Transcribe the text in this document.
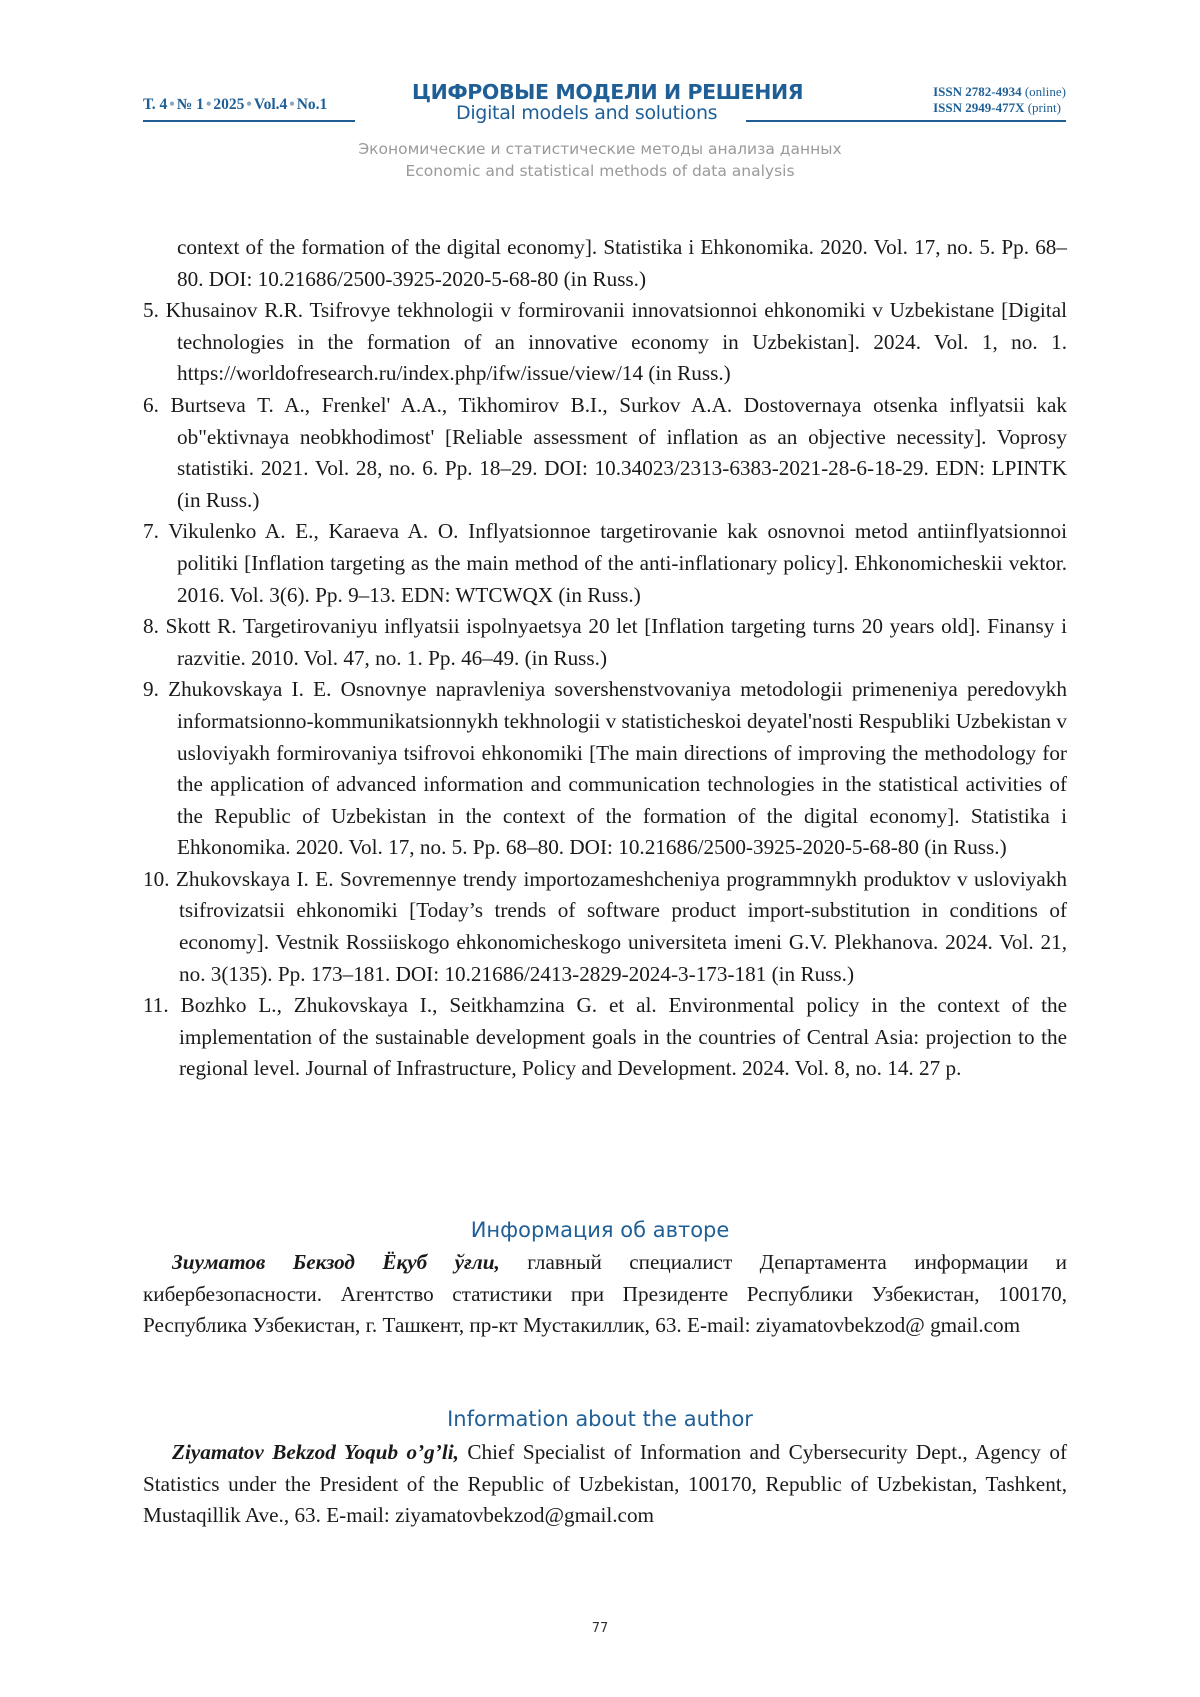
Т. 4 • № 1 • 2025 • Vol.4 • No.1
ЦИФРОВЫЕ МОДЕЛИ И РЕШЕНИЯ
Digital models and solutions
ISSN 2782-4934 (online)
ISSN 2949-477X (print)
Экономические и статистические методы анализа данных
Economic and statistical methods of data analysis

context of the formation of the digital economy]. Statistika i Ehkonomika. 2020. Vol. 17, no. 5. Pp. 68–80. DOI: 10.21686/2500-3925-2020-5-68-80 (in Russ.)

5. Khusainov R.R. Tsifrovye tekhnologii v formirovanii innovatsionnoi ehkonomiki v Uzbekistane [Digital technologies in the formation of an innovative economy in Uzbekistan]. 2024. Vol. 1, no. 1. https://worldofresearch.ru/index.php/ifw/issue/view/14 (in Russ.)

6. Burtseva T. A., Frenkel' A.A., Tikhomirov B.I., Surkov A.A. Dostovernaya otsenka inflyatsii kak ob"ektivnaya neobkhodimost' [Reliable assessment of inflation as an objective necessity]. Voprosy statistiki. 2021. Vol. 28, no. 6. Pp. 18–29. DOI: 10.34023/2313-6383-2021-28-6-18-29. EDN: LPINTK (in Russ.)

7. Vikulenko A. E., Karaeva A. O. Inflyatsionnoe targetirovanie kak osnovnoi metod antiinflyatsionnoi politiki [Inflation targeting as the main method of the anti-inflationary policy]. Ehkonomicheskii vektor. 2016. Vol. 3(6). Pp. 9–13. EDN: WTCWQX (in Russ.)

8. Skott R. Targetirovaniyu inflyatsii ispolnyaetsya 20 let [Inflation targeting turns 20 years old]. Finansy i razvitie. 2010. Vol. 47, no. 1. Pp. 46–49. (in Russ.)

9. Zhukovskaya I. E. Osnovnye napravleniya sovershenstvovaniya metodologii primeneniya peredovykh informatsionno-kommunikatsionnykh tekhnologii v statisticheskoi deyatel'nosti Respubliki Uzbekistan v usloviyakh formirovaniya tsifrovoi ehkonomiki [The main directions of improving the methodology for the application of advanced information and communication technologies in the statistical activities of the Republic of Uzbekistan in the context of the formation of the digital economy]. Statistika i Ehkonomika. 2020. Vol. 17, no. 5. Pp. 68–80. DOI: 10.21686/2500-3925-2020-5-68-80 (in Russ.)

10. Zhukovskaya I. E. Sovremennye trendy importozameshcheniya programmnykh produktov v usloviyakh tsifrovizatsii ehkonomiki [Today’s trends of software product import-substitution in conditions of economy]. Vestnik Rossiiskogo ehkonomicheskogo universiteta imeni G.V. Plekhanova. 2024. Vol. 21, no. 3(135). Pp. 173–181. DOI: 10.21686/2413-2829-2024-3-173-181 (in Russ.)

11. Bozhko L., Zhukovskaya I., Seitkhamzina G. et al. Environmental policy in the context of the implementation of the sustainable development goals in the countries of Central Asia: projection to the regional level. Journal of Infrastructure, Policy and Development. 2024. Vol. 8, no. 14. 27 p.

Информация об авторе
Зиyматов Бекзод Ёқуб ўғли, главный специалист Департамента информации и кибербезопасности. Агентство статистики при Президенте Республики Узбекистан, 100170, Республика Узбекистан, г. Ташкент, пр-кт Мустакиллик, 63. E-mail: ziyamatovbekzod@ gmail.com
Information about the author
Ziyamatov Bekzod Yoqub o’g’li, Chief Specialist of Information and Cybersecurity Dept., Agency of Statistics under the President of the Republic of Uzbekistan, 100170, Republic of Uzbekistan, Tashkent, Mustaqillik Ave., 63. E-mail: ziyamatovbekzod@gmail.com
77
